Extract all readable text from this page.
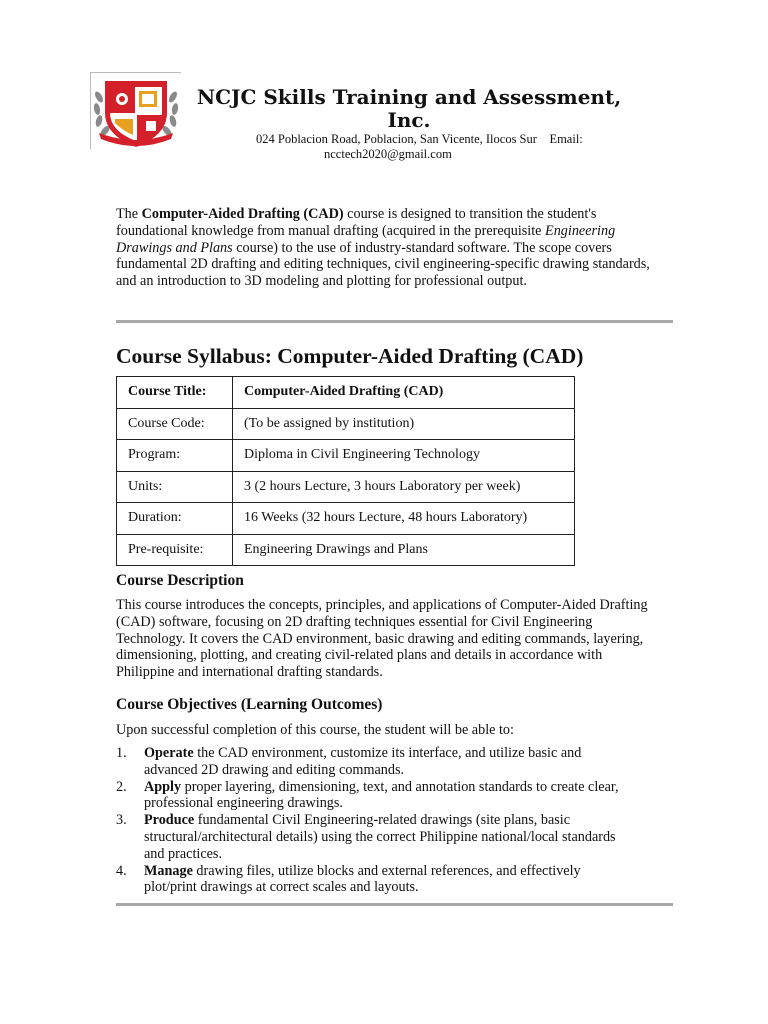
NCJC Skills Training and Assessment, Inc.
024 Poblacion Road, Poblacion, San Vicente, Ilocos Sur Email:
ncctech2020@gmail.com
The Computer-Aided Drafting (CAD) course is designed to transition the student's foundational knowledge from manual drafting (acquired in the prerequisite Engineering Drawings and Plans course) to the use of industry-standard software. The scope covers fundamental 2D drafting and editing techniques, civil engineering-specific drawing standards, and an introduction to 3D modeling and plotting for professional output.
Course Syllabus: Computer-Aided Drafting (CAD)
Course Title:	Computer-Aided Drafting (CAD)
Course Code:	(To be assigned by institution)
Program:	Diploma in Civil Engineering Technology
Units:	3 (2 hours Lecture, 3 hours Laboratory per week)
Duration:	16 Weeks (32 hours Lecture, 48 hours Laboratory)
Pre-requisite:	Engineering Drawings and Plans
Course Description
This course introduces the concepts, principles, and applications of Computer-Aided Drafting (CAD) software, focusing on 2D drafting techniques essential for Civil Engineering Technology. It covers the CAD environment, basic drawing and editing commands, layering, dimensioning, plotting, and creating civil-related plans and details in accordance with Philippine and international drafting standards.
Course Objectives (Learning Outcomes)
Upon successful completion of this course, the student will be able to:
1. Operate the CAD environment, customize its interface, and utilize basic and advanced 2D drawing and editing commands.
2. Apply proper layering, dimensioning, text, and annotation standards to create clear, professional engineering drawings.
3. Produce fundamental Civil Engineering-related drawings (site plans, basic structural/architectural details) using the correct Philippine national/local standards and practices.
4. Manage drawing files, utilize blocks and external references, and effectively plot/print drawings at correct scales and layouts.
